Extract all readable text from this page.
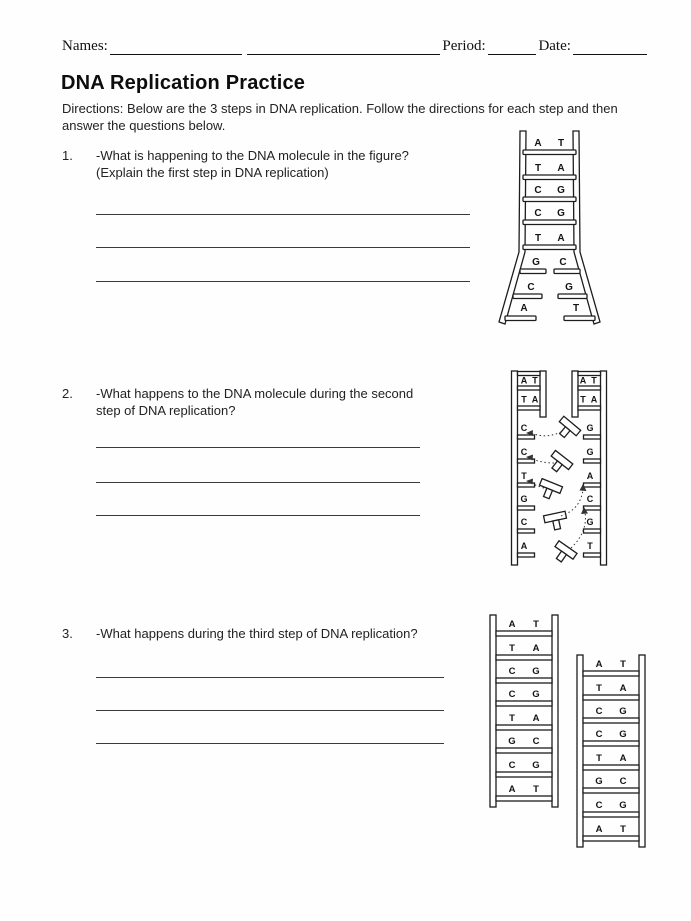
Names:	Period:	Date:
DNA Replication Practice
Directions: Below are the 3 steps in DNA replication. Follow the directions for each step and then answer the questions below.
1.	-What is happening to the DNA molecule in the figure?
(Explain the first step in DNA replication)
2.	-What happens to the DNA molecule during the second step of DNA replication?
3.	-What happens during the third step of DNA replication?
A T
T A
C G
C G
T A
G C
C	G
A	T
A T
T A
C
C
T
G
C
A
A T
T A
G
G
A
C
G
T
A T
T A
C G
C G
T A
G C
C G
A T
A T
T A
C G
C G
T A
G C
C G
A T
